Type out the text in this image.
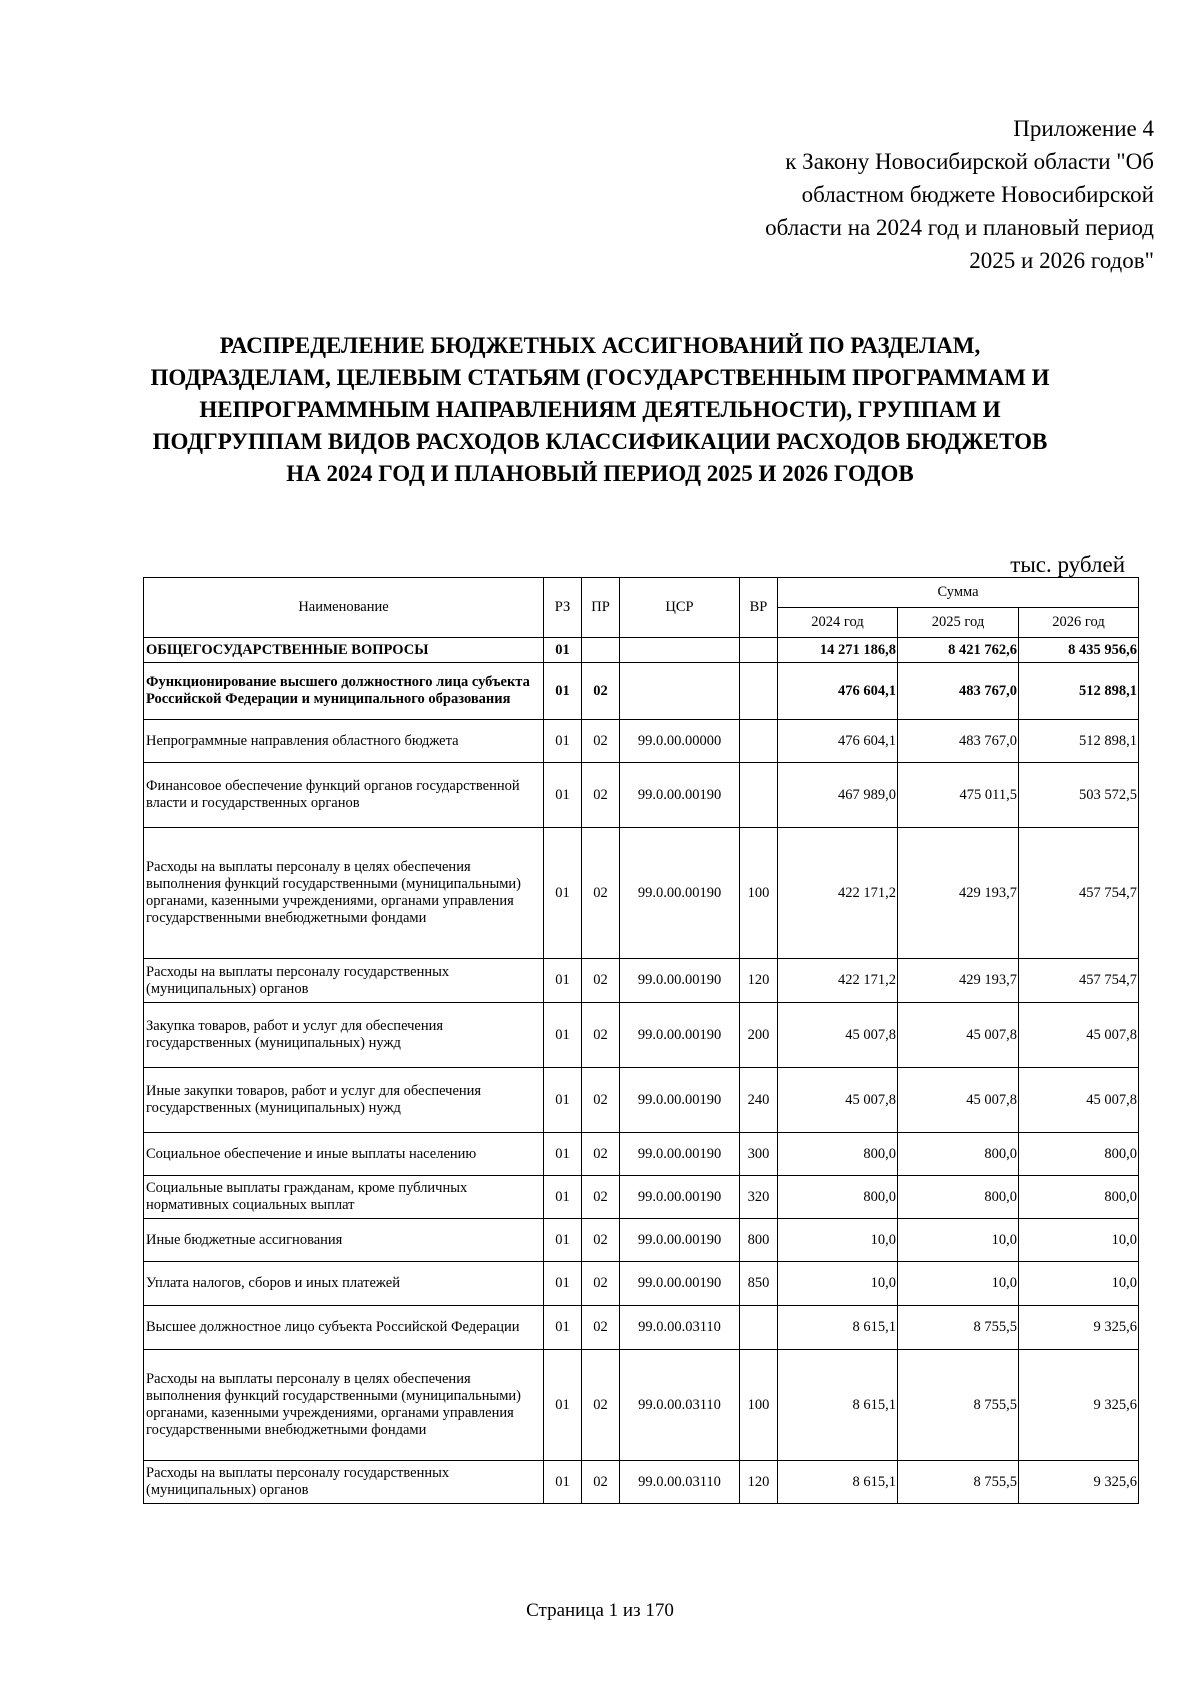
Приложение 4
к Закону Новосибирской области "Об
областном бюджете Новосибирской
области на 2024 год и плановый период
2025 и 2026 годов"
РАСПРЕДЕЛЕНИЕ БЮДЖЕТНЫХ АССИГНОВАНИЙ ПО РАЗДЕЛАМ,
ПОДРАЗДЕЛАМ, ЦЕЛЕВЫМ СТАТЬЯМ (ГОСУДАРСТВЕННЫМ ПРОГРАММАМ И
НЕПРОГРАММНЫМ НАПРАВЛЕНИЯМ ДЕЯТЕЛЬНОСТИ), ГРУППАМ И
ПОДГРУППАМ ВИДОВ РАСХОДОВ КЛАССИФИКАЦИИ РАСХОДОВ БЮДЖЕТОВ
НА 2024 ГОД И ПЛАНОВЫЙ ПЕРИОД 2025 И 2026 ГОДОВ
тыс. рублей
Наименование	РЗ	ПР	ЦСР	ВР	Сумма		
					2024 год	2025 год	2026 год
ОБЩЕГОСУДАРСТВЕННЫЕ ВОПРОСЫ	01				14 271 186,8	8 421 762,6	8 435 956,6
Функционирование высшего должностного лица субъекта Российской Федерации и муниципального образования	01	02			476 604,1	483 767,0	512 898,1
Непрограммные направления областного бюджета	01	02	99.0.00.00000		476 604,1	483 767,0	512 898,1
Финансовое обеспечение функций органов государственной власти и государственных органов	01	02	99.0.00.00190		467 989,0	475 011,5	503 572,5
Расходы на выплаты персоналу в целях обеспечения выполнения функций государственными (муниципальными) органами, казенными учреждениями, органами управления государственными внебюджетными фондами	01	02	99.0.00.00190	100	422 171,2	429 193,7	457 754,7
Расходы на выплаты персоналу государственных (муниципальных) органов	01	02	99.0.00.00190	120	422 171,2	429 193,7	457 754,7
Закупка товаров, работ и услуг для обеспечения государственных (муниципальных) нужд	01	02	99.0.00.00190	200	45 007,8	45 007,8	45 007,8
Иные закупки товаров, работ и услуг для обеспечения государственных (муниципальных) нужд	01	02	99.0.00.00190	240	45 007,8	45 007,8	45 007,8
Социальное обеспечение и иные выплаты населению	01	02	99.0.00.00190	300	800,0	800,0	800,0
Социальные выплаты гражданам, кроме публичных нормативных социальных выплат	01	02	99.0.00.00190	320	800,0	800,0	800,0
Иные бюджетные ассигнования	01	02	99.0.00.00190	800	10,0	10,0	10,0
Уплата налогов, сборов и иных платежей	01	02	99.0.00.00190	850	10,0	10,0	10,0
Высшее должностное лицо субъекта Российской Федерации	01	02	99.0.00.03110		8 615,1	8 755,5	9 325,6
Расходы на выплаты персоналу в целях обеспечения выполнения функций государственными (муниципальными) органами, казенными учреждениями, органами управления государственными внебюджетными фондами	01	02	99.0.00.03110	100	8 615,1	8 755,5	9 325,6
Расходы на выплаты персоналу государственных (муниципальных) органов	01	02	99.0.00.03110	120	8 615,1	8 755,5	9 325,6
Страница 1 из 170
